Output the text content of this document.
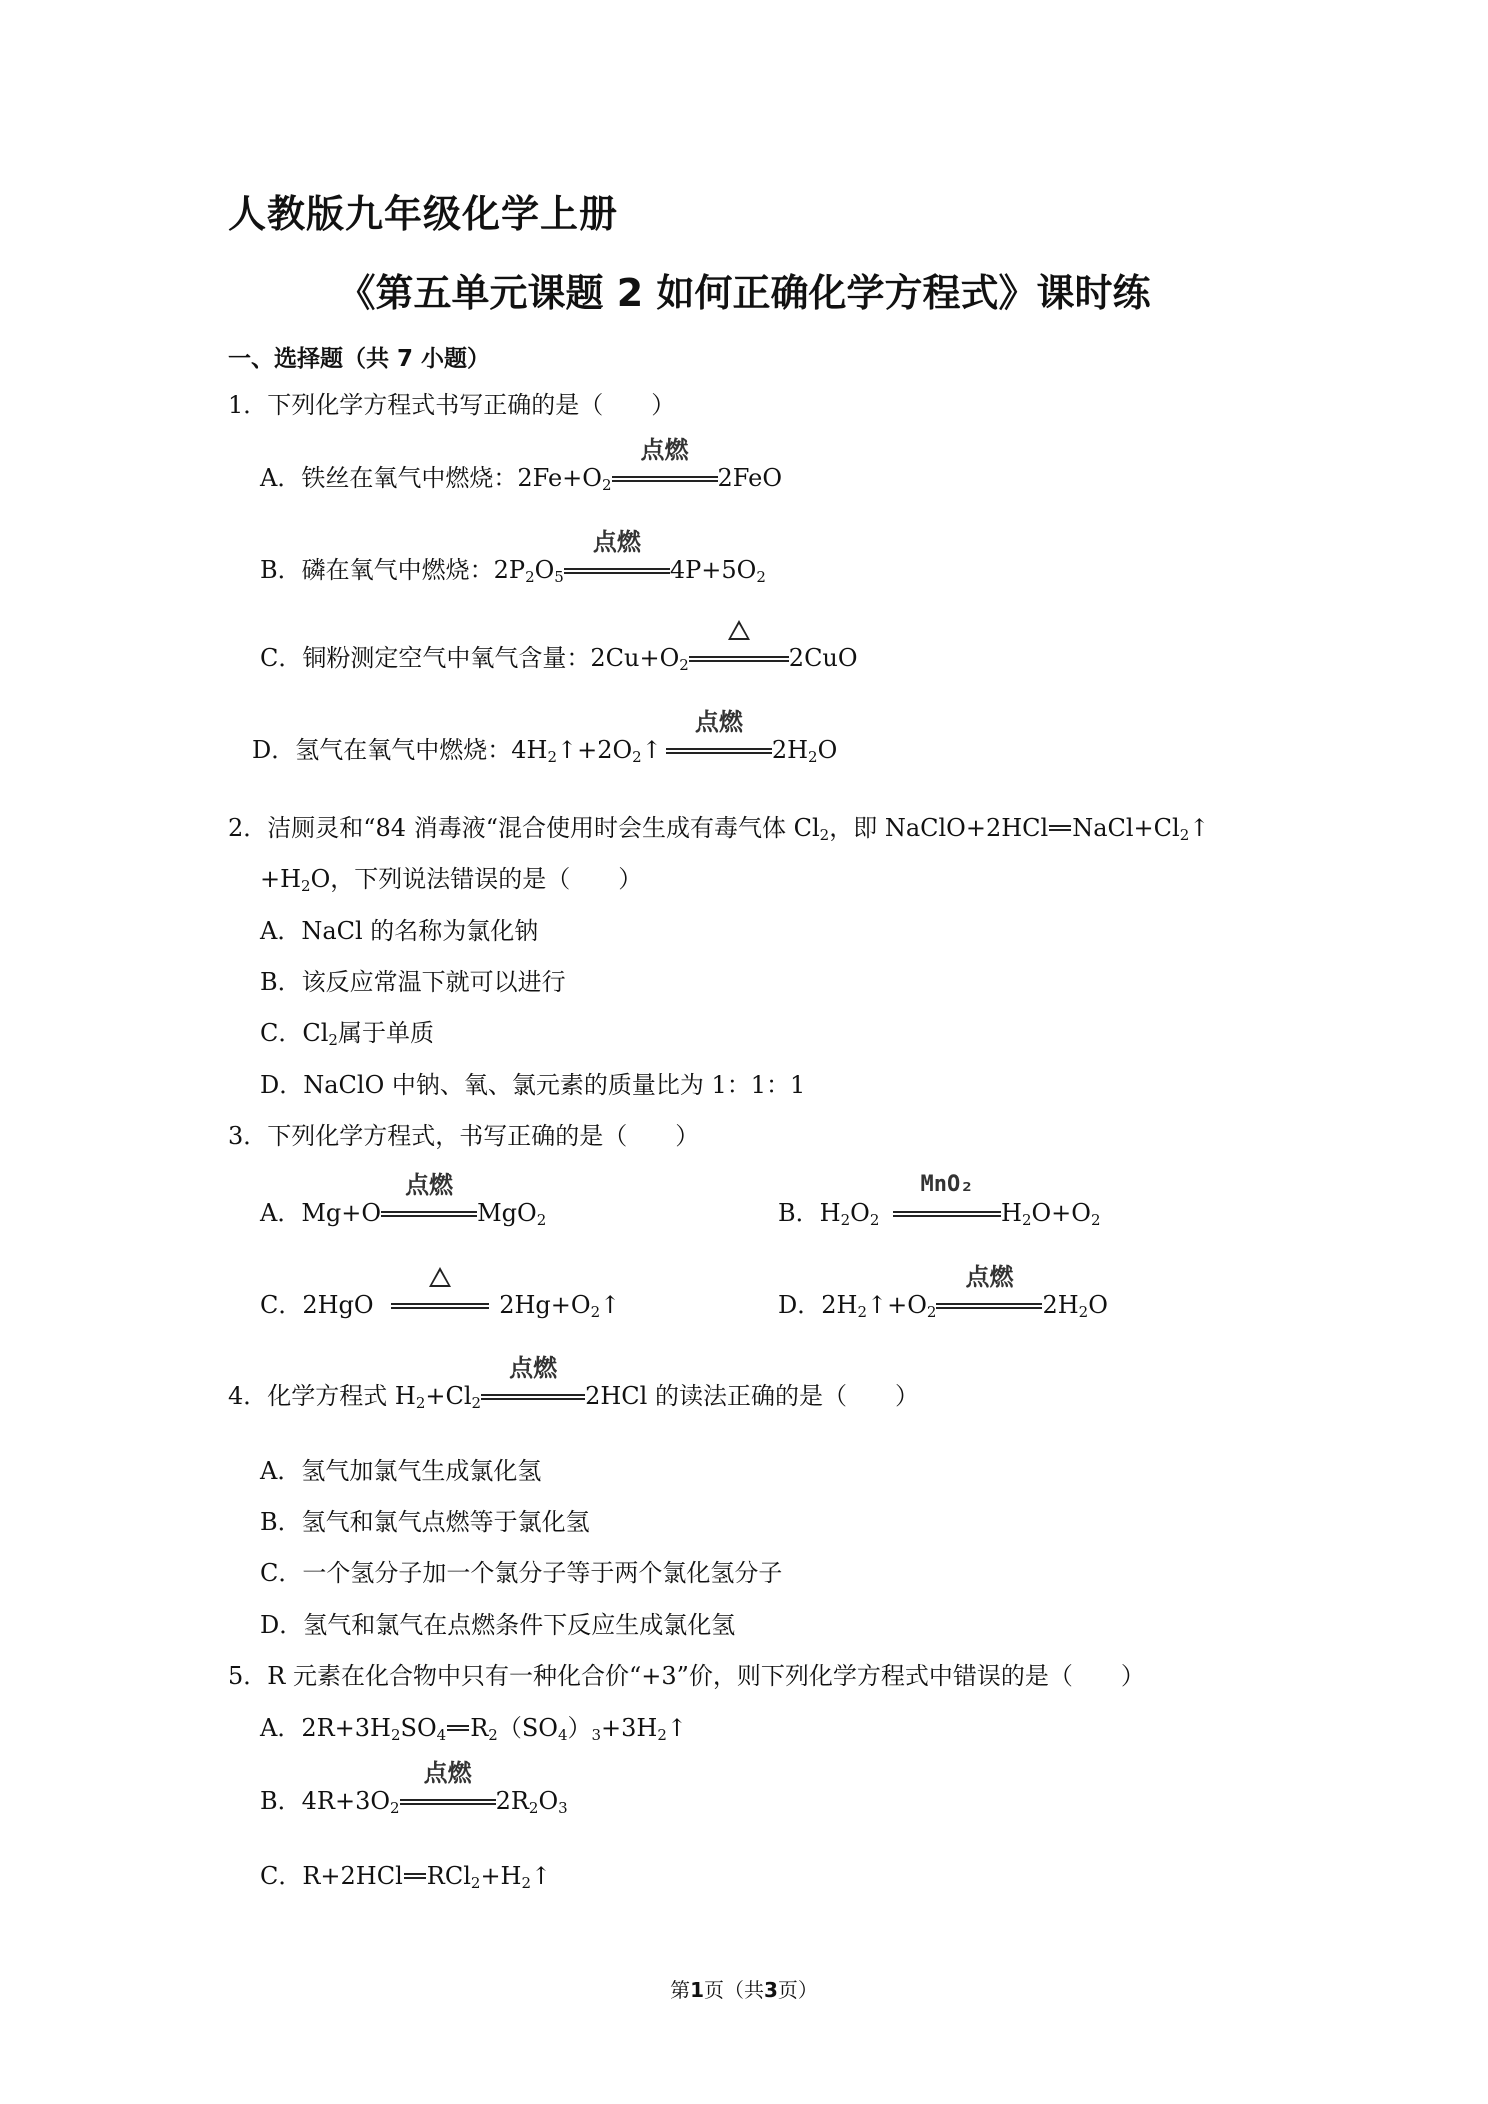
人教版九年级化学上册
《第五单元课题 2 如何正确化学方程式》课时练
一、选择题（共 7 小题）
1．下列化学方程式书写正确的是（　　）
A．铁丝在氧气中燃烧：$2Fe+O_2$
点燃
2FeO
B．磷在氧气中燃烧：$2P_2O_5$
点燃
$4P+5O_2$
C．铜粉测定空气中氧气含量：$2Cu+O_2$	2CuO
D．氢气在氧气中燃烧：$4H_2↑+2O_2↑$
点燃
$2H_2O$
2．洁厕灵和“84 消毒液“混合使用时会生成有毒气体 $Cl_2$，即 NaClO+2HCl $NaCl+Cl_2↑$
$+H_2O$，下列说法错误的是（　　）
A．NaCl 的名称为氯化钠
B．该反应常温下就可以进行
C．$Cl_2$属于单质
D．NaClO 中钠、氧、氯元素的质量比为 1：1：1
3．下列化学方程式，书写正确的是（　　）
A．Mg+O
点燃
MgO$_2$	B．$H_2O_2$
MnO₂
$H_2O+O_2$
C．2HgO	$2Hg+O_2↑$	D．$2H_2↑+O_2$
点燃
$2H_2O$
4．化学方程式 $H_2+Cl_2$
点燃
2HCl 的读法正确的是（　　）
A．氢气加氯气生成氯化氢
B．氢气和氯气点燃等于氯化氢
C．一个氢分子加一个氯分子等于两个氯化氢分子
D．氢气和氯气在点燃条件下反应生成氯化氢
5．R 元素在化合物中只有一种化合价“+3”价，则下列化学方程式中错误的是（　　）
A．$2R+3H_2SO_4$ $R_2(SO_4)_3+3H_2↑$
B．$4R+3O_2$
点燃
$2R_2O_3$
C．R+2HCl $RCl_2+H_2↑$
第1页（共3页）
